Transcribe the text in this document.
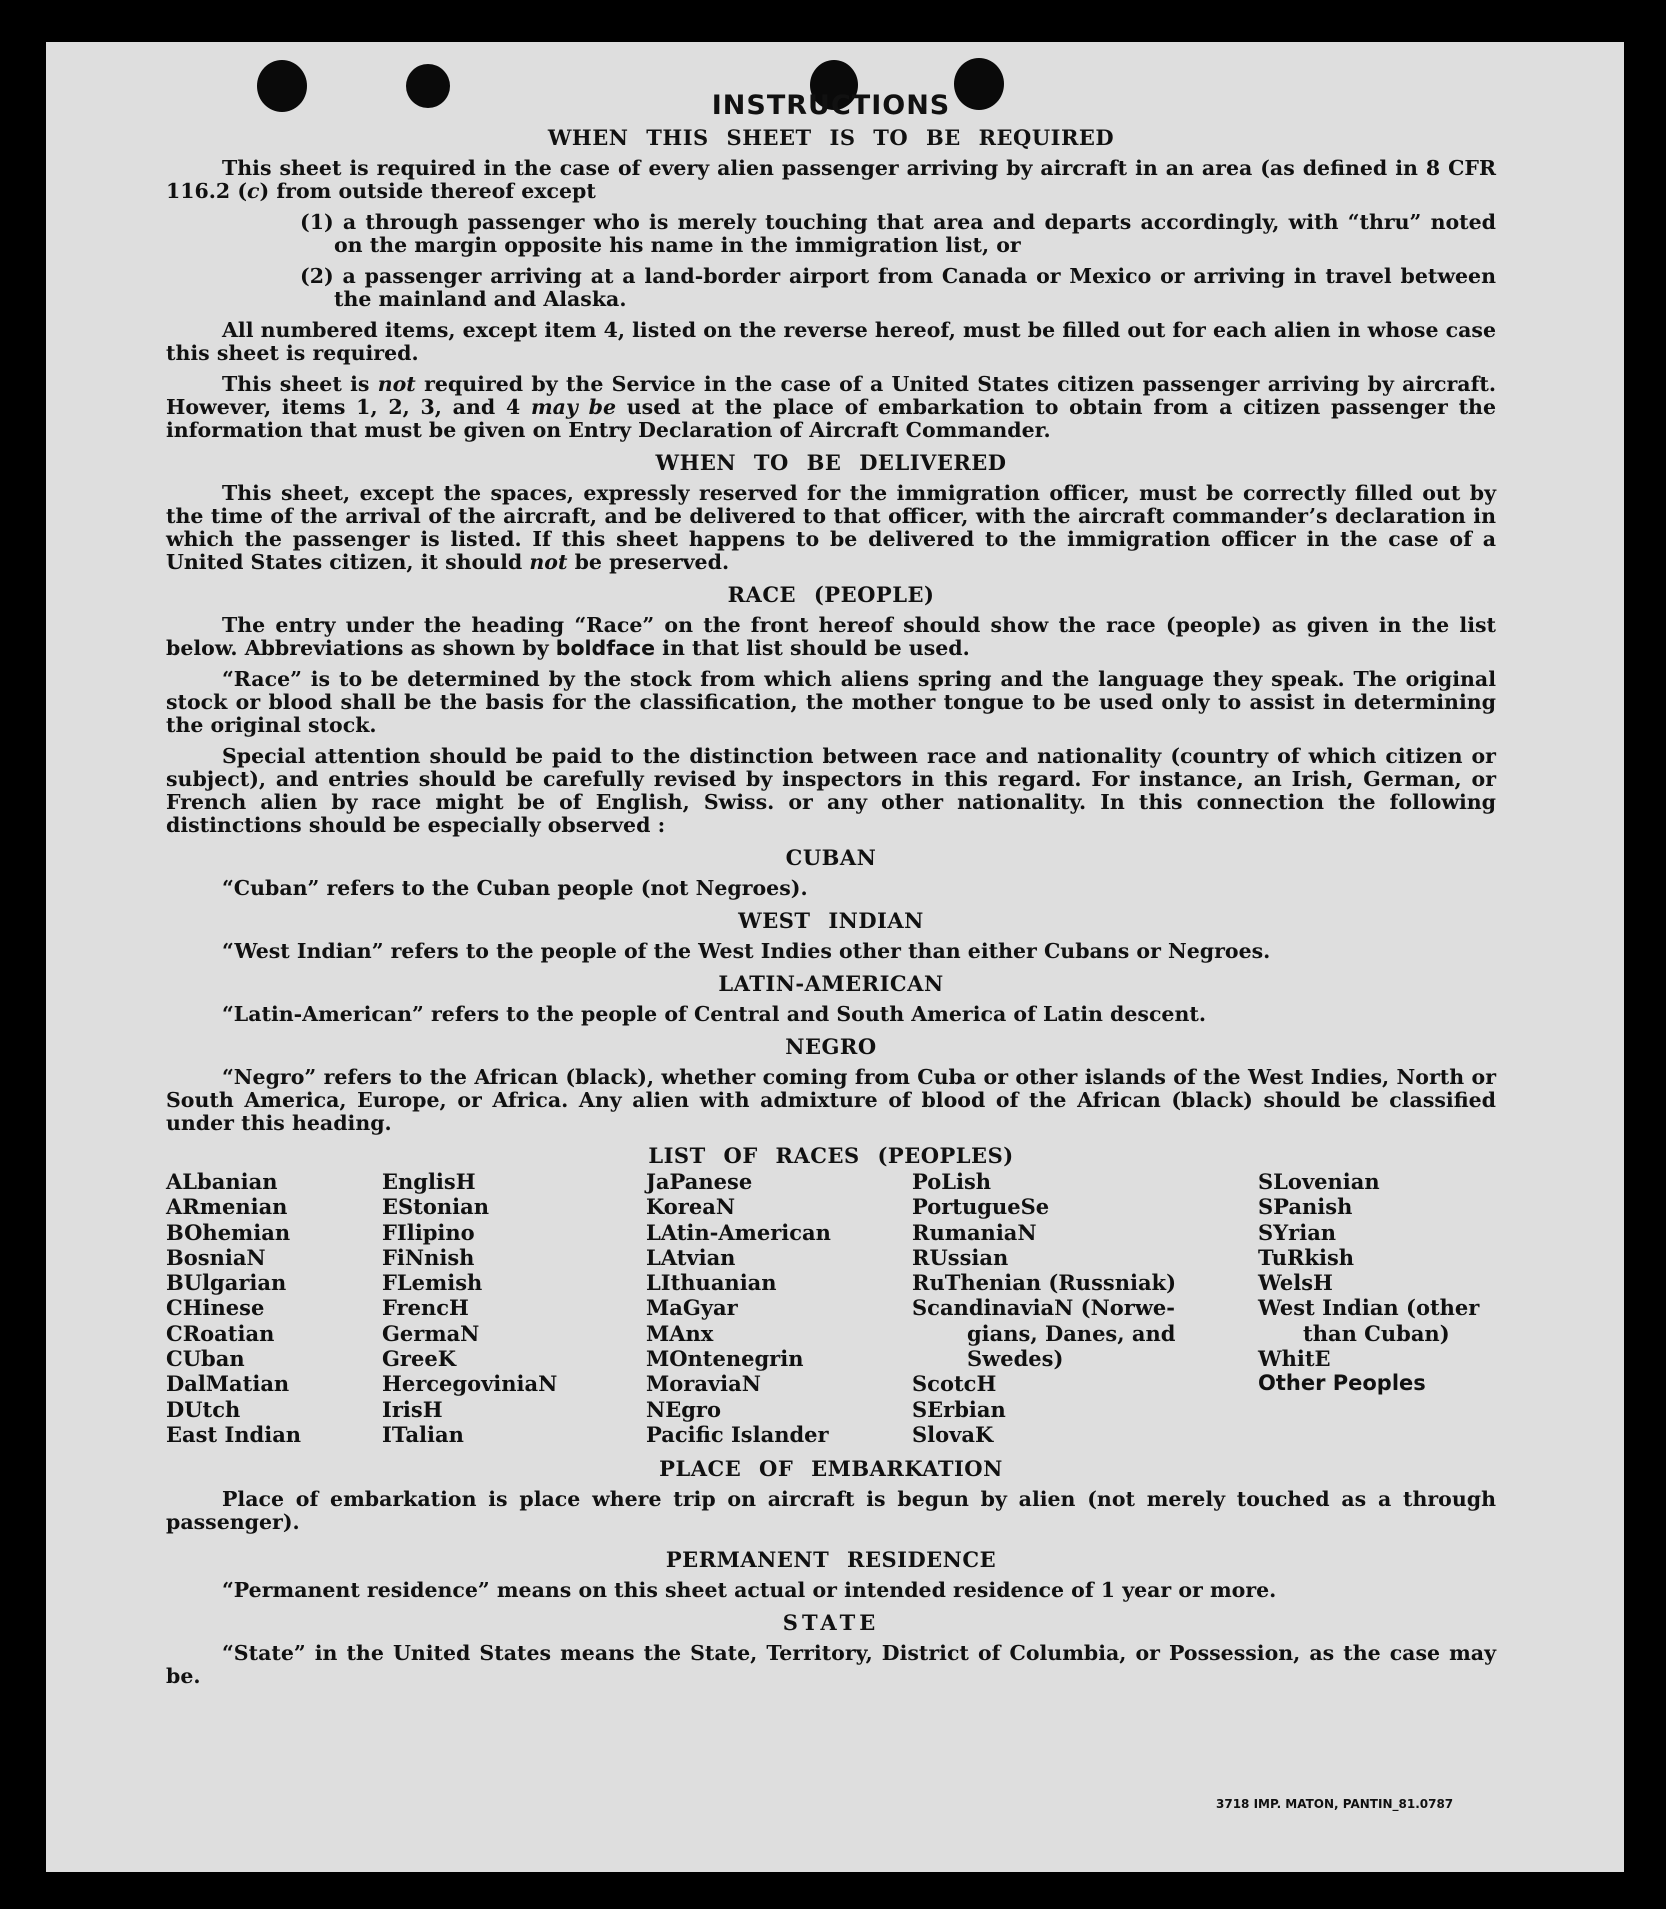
INSTRUCTIONS
WHEN THIS SHEET IS TO BE REQUIRED

This sheet is required in the case of every alien passenger arriving by aircraft in an area (as defined in 8 CFR 116.2 (c) from outside thereof except

(1) a through passenger who is merely touching that area and departs accordingly, with “thru” noted on the margin opposite his name in the immigration list, or
(2) a passenger arriving at a land-border airport from Canada or Mexico or arriving in travel between the mainland and Alaska.

All numbered items, except item 4, listed on the reverse hereof, must be filled out for each alien in whose case this sheet is required.

This sheet is not required by the Service in the case of a United States citizen passenger arriving by aircraft. However, items 1, 2, 3, and 4 may be used at the place of embarkation to obtain from a citizen passenger the information that must be given on Entry Declaration of Aircraft Commander.

WHEN TO BE DELIVERED

This sheet, except the spaces, expressly reserved for the immigration officer, must be correctly filled out by the time of the arrival of the aircraft, and be delivered to that officer, with the aircraft commander’s declaration in which the passenger is listed. If this sheet happens to be delivered to the immigration officer in the case of a United States citizen, it should not be preserved.

RACE (PEOPLE)

The entry under the heading “Race” on the front hereof should show the race (people) as given in the list below. Abbreviations as shown by boldface in that list should be used.

“Race” is to be determined by the stock from which aliens spring and the language they speak. The original stock or blood shall be the basis for the classification, the mother tongue to be used only to assist in determining the original stock.

Special attention should be paid to the distinction between race and nationality (country of which citizen or subject), and entries should be carefully revised by inspectors in this regard. For instance, an Irish, German, or French alien by race might be of English, Swiss. or any other nationality. In this connection the following distinctions should be especially observed :

CUBAN

“Cuban” refers to the Cuban people (not Negroes).

WEST INDIAN

“West Indian” refers to the people of the West Indies other than either Cubans or Negroes.

LATIN-AMERICAN

“Latin-American” refers to the people of Central and South America of Latin descent.

NEGRO

“Negro” refers to the African (black), whether coming from Cuba or other islands of the West Indies, North or South America, Europe, or Africa. Any alien with admixture of blood of the African (black) should be classified under this heading.

LIST OF RACES (PEOPLES)
ALbanian
ARmenian
BOhemian
BosniaN
BUlgarian
CHinese
CRoatian
CUban
DalMatian
DUtch
East Indian
EnglisH
EStonian
FIlipino
FiNnish
FLemish
FrencH
GermaN
GreeK
HercegoviniaN
IrisH
ITalian
JaPanese
KoreaN
LAtin-American
LAtvian
LIthuanian
MaGyar
MAnx
MOntenegrin
MoraviaN
NEgro
Pacific Islander
PoLish
PortugueSe
RumaniaN
RUssian
RuThenian (Russniak)
ScandinaviaN (Norwe-
gians, Danes, and
Swedes)
ScotcH
SErbian
SlovaK
SLovenian
SPanish
SYrian
TuRkish
WelsH
West Indian (other
than Cuban)
WhitE
Other Peoples
PLACE OF EMBARKATION

Place of embarkation is place where trip on aircraft is begun by alien (not merely touched as a through passenger).

PERMANENT RESIDENCE

“Permanent residence” means on this sheet actual or intended residence of 1 year or more.

STATE

“State” in the United States means the State, Territory, District of Columbia, or Possession, as the case may be.

3718 IMP. MATON, PANTIN_81.0787
